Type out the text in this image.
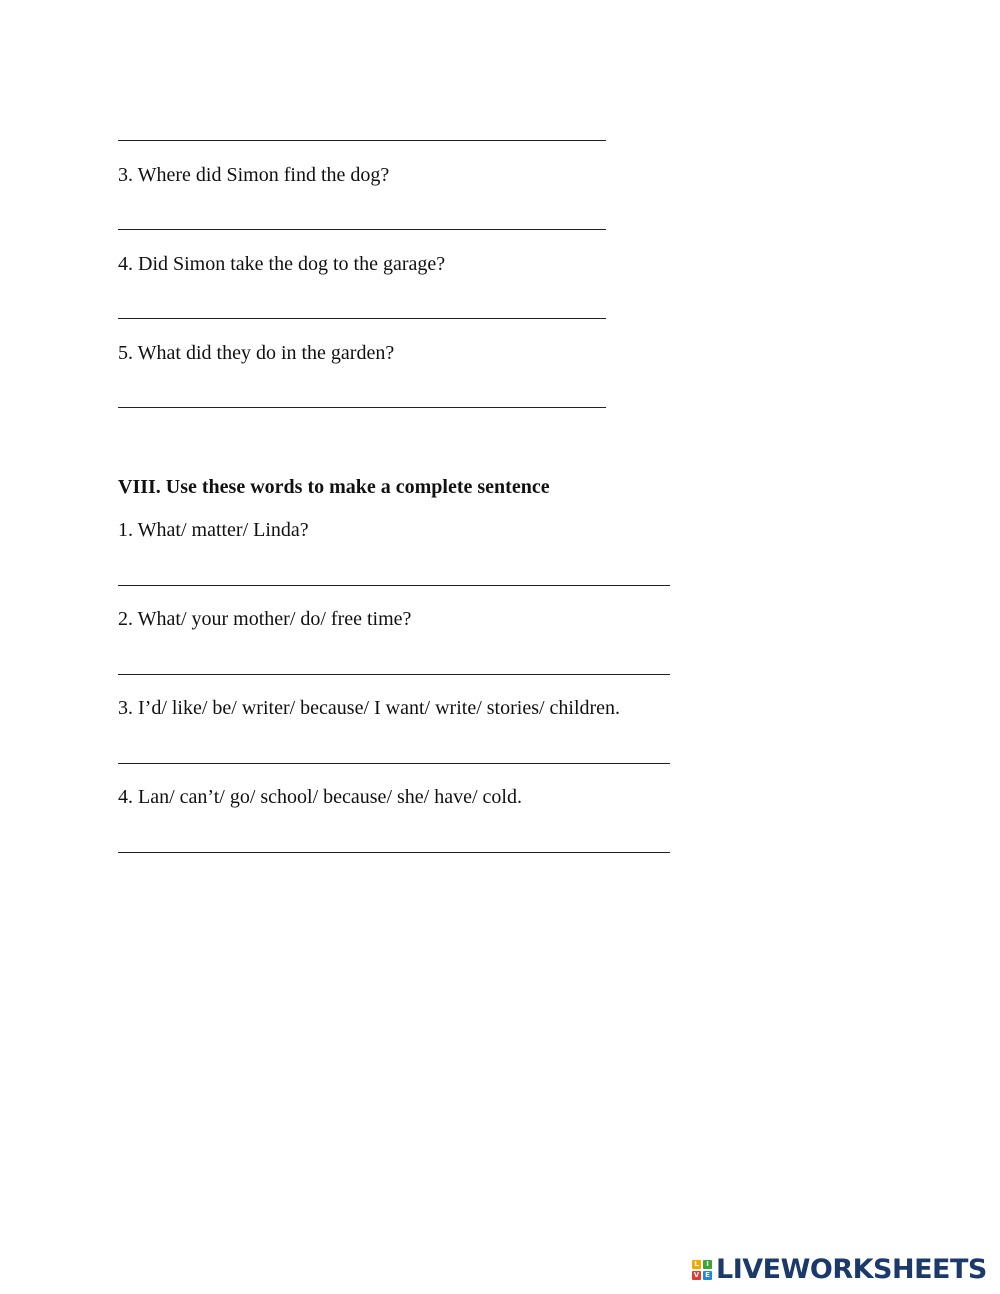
3. Where did Simon find the dog?
4. Did Simon take the dog to the garage?
5. What did they do in the garden?
VIII. Use these words to make a complete sentence
1. What/ matter/ Linda?
2. What/ your mother/ do/ free time?
3. I’d/ like/ be/ writer/ because/ I want/ write/ stories/ children.
4. Lan/ can’t/ go/ school/ because/ she/ have/ cold.
L	I
V E LIVEWORKSHEETS
